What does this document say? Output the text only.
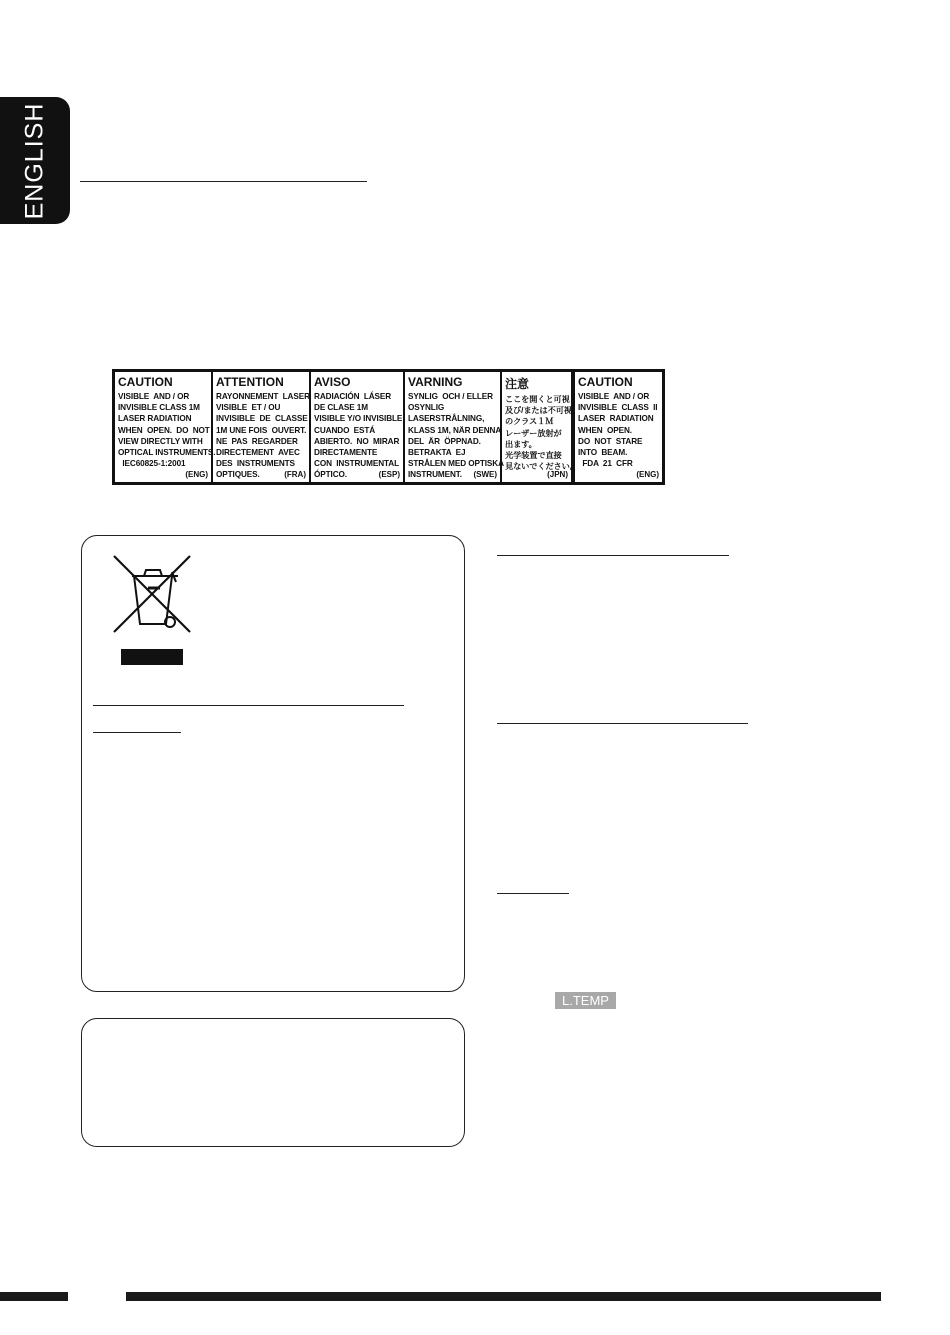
ENGLISH
CAUTION
VISIBLE  AND / OR
INVISIBLE CLASS 1M
LASER RADIATION
WHEN  OPEN.  DO  NOT
VIEW DIRECTLY WITH
OPTICAL INSTRUMENTS.
IEC60825-1:2001
(ENG)
ATTENTION
RAYONNEMENT  LASER
VISIBLE  ET / OU
INVISIBLE  DE  CLASSE
1M UNE FOIS  OUVERT.
NE  PAS  REGARDER
DIRECTEMENT  AVEC
DES  INSTRUMENTS
OPTIQUES.	(FRA)
AVISO
RADIACIÓN  LÁSER
DE CLASE 1M
VISIBLE Y/O INVISIBLE
CUANDO  ESTÁ
ABIERTO.  NO  MIRAR
DIRECTAMENTE
CON  INSTRUMENTAL
ÓPTICO.	(ESP)
VARNING
SYNLIG  OCH / ELLER
OSYNLIG
LASERSTRÅLNING,
KLASS 1M, NÄR DENNA
DEL  ÄR  ÖPPNAD.
BETRAKTA  EJ
STRÅLEN MED OPTISKA
INSTRUMENT.	(SWE)
注意
ここを開くと可視
及び/または不可視
のクラス１Ｍ
レーザー放射が
出ます。
光学装置で直接
見ないでください。
(JPN)
CAUTION
VISIBLE  AND / OR
INVISIBLE  CLASS  II
LASER  RADIATION
WHEN  OPEN.
DO  NOT  STARE
INTO  BEAM.
FDA  21  CFR
(ENG)
L.TEMP
